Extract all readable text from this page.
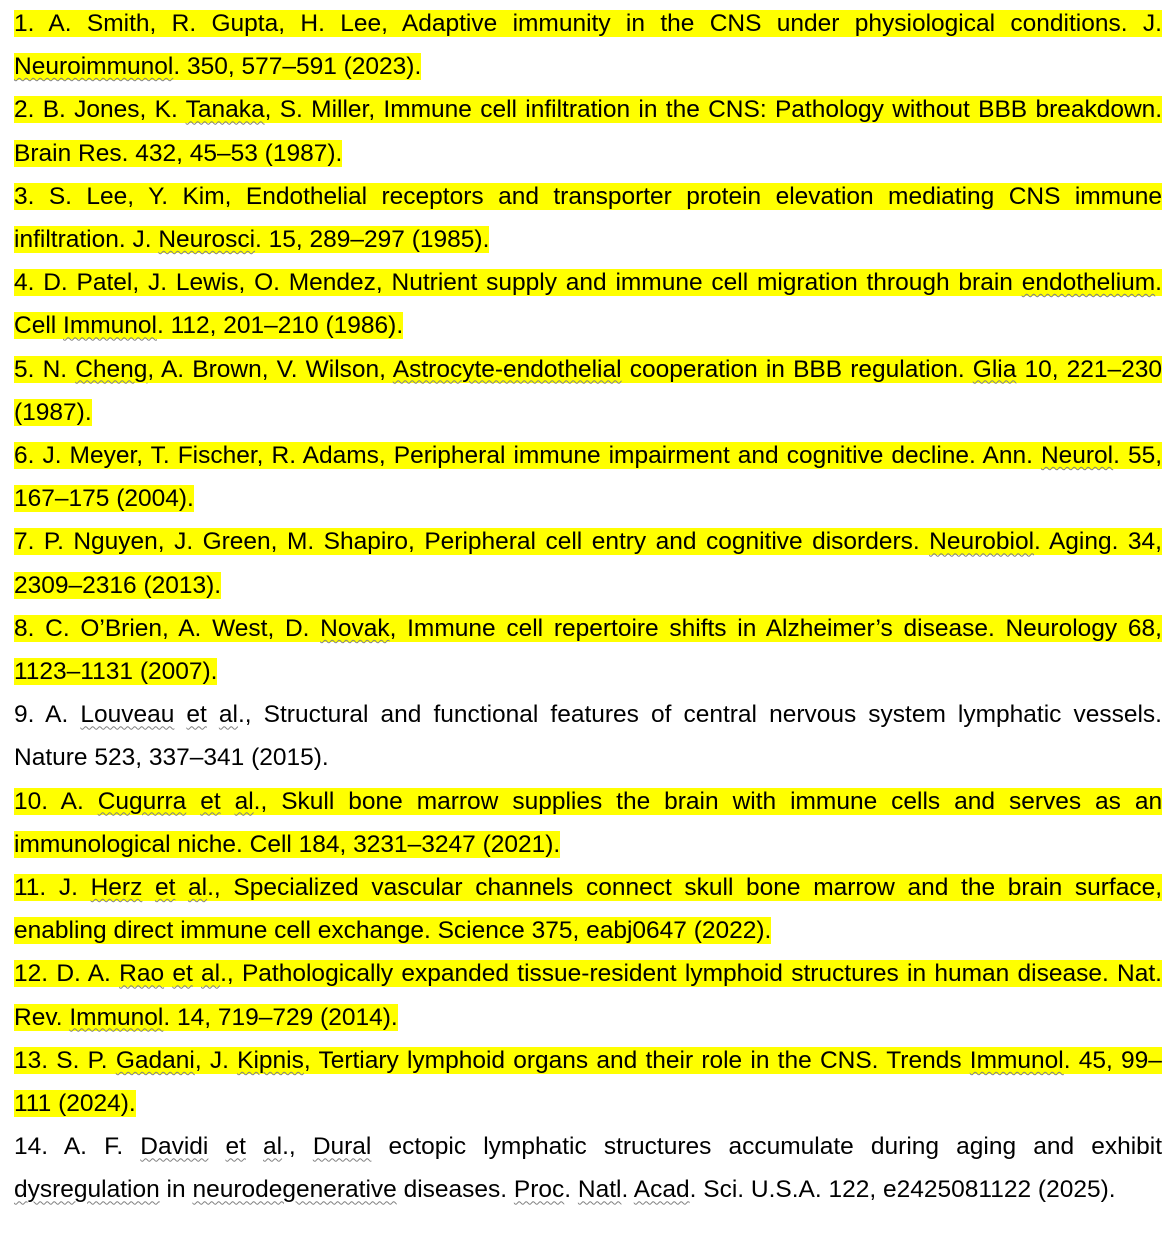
1. A. Smith, R. Gupta, H. Lee, Adaptive immunity in the CNS under physiological conditions. J. Neuroimmunol. 350, 577–591 (2023).

2. B. Jones, K. Tanaka, S. Miller, Immune cell infiltration in the CNS: Pathology without BBB breakdown. Brain Res. 432, 45–53 (1987).

3. S. Lee, Y. Kim, Endothelial receptors and transporter protein elevation mediating CNS immune infiltration. J. Neurosci. 15, 289–297 (1985).

4. D. Patel, J. Lewis, O. Mendez, Nutrient supply and immune cell migration through brain endothelium. Cell Immunol. 112, 201–210 (1986).

5. N. Cheng, A. Brown, V. Wilson, Astrocyte-endothelial cooperation in BBB regulation. Glia 10, 221–230 (1987).

6. J. Meyer, T. Fischer, R. Adams, Peripheral immune impairment and cognitive decline. Ann. Neurol. 55, 167–175 (2004).

7. P. Nguyen, J. Green, M. Shapiro, Peripheral cell entry and cognitive disorders. Neurobiol. Aging. 34, 2309–2316 (2013).

8. C. O’Brien, A. West, D. Novak, Immune cell repertoire shifts in Alzheimer’s disease. Neurology 68, 1123–1131 (2007).

9. A. Louveau et al., Structural and functional features of central nervous system lymphatic vessels. Nature 523, 337–341 (2015).

10. A. Cugurra et al., Skull bone marrow supplies the brain with immune cells and serves as an immunological niche. Cell 184, 3231–3247 (2021).

11. J. Herz et al., Specialized vascular channels connect skull bone marrow and the brain surface, enabling direct immune cell exchange. Science 375, eabj0647 (2022).

12. D. A. Rao et al., Pathologically expanded tissue-resident lymphoid structures in human disease. Nat. Rev. Immunol. 14, 719–729 (2014).

13. S. P. Gadani, J. Kipnis, Tertiary lymphoid organs and their role in the CNS. Trends Immunol. 45, 99–111 (2024).

14. A. F. Davidi et al., Dural ectopic lymphatic structures accumulate during aging and exhibit dysregulation in neurodegenerative diseases. Proc. Natl. Acad. Sci. U.S.A. 122, e2425081122 (2025).
